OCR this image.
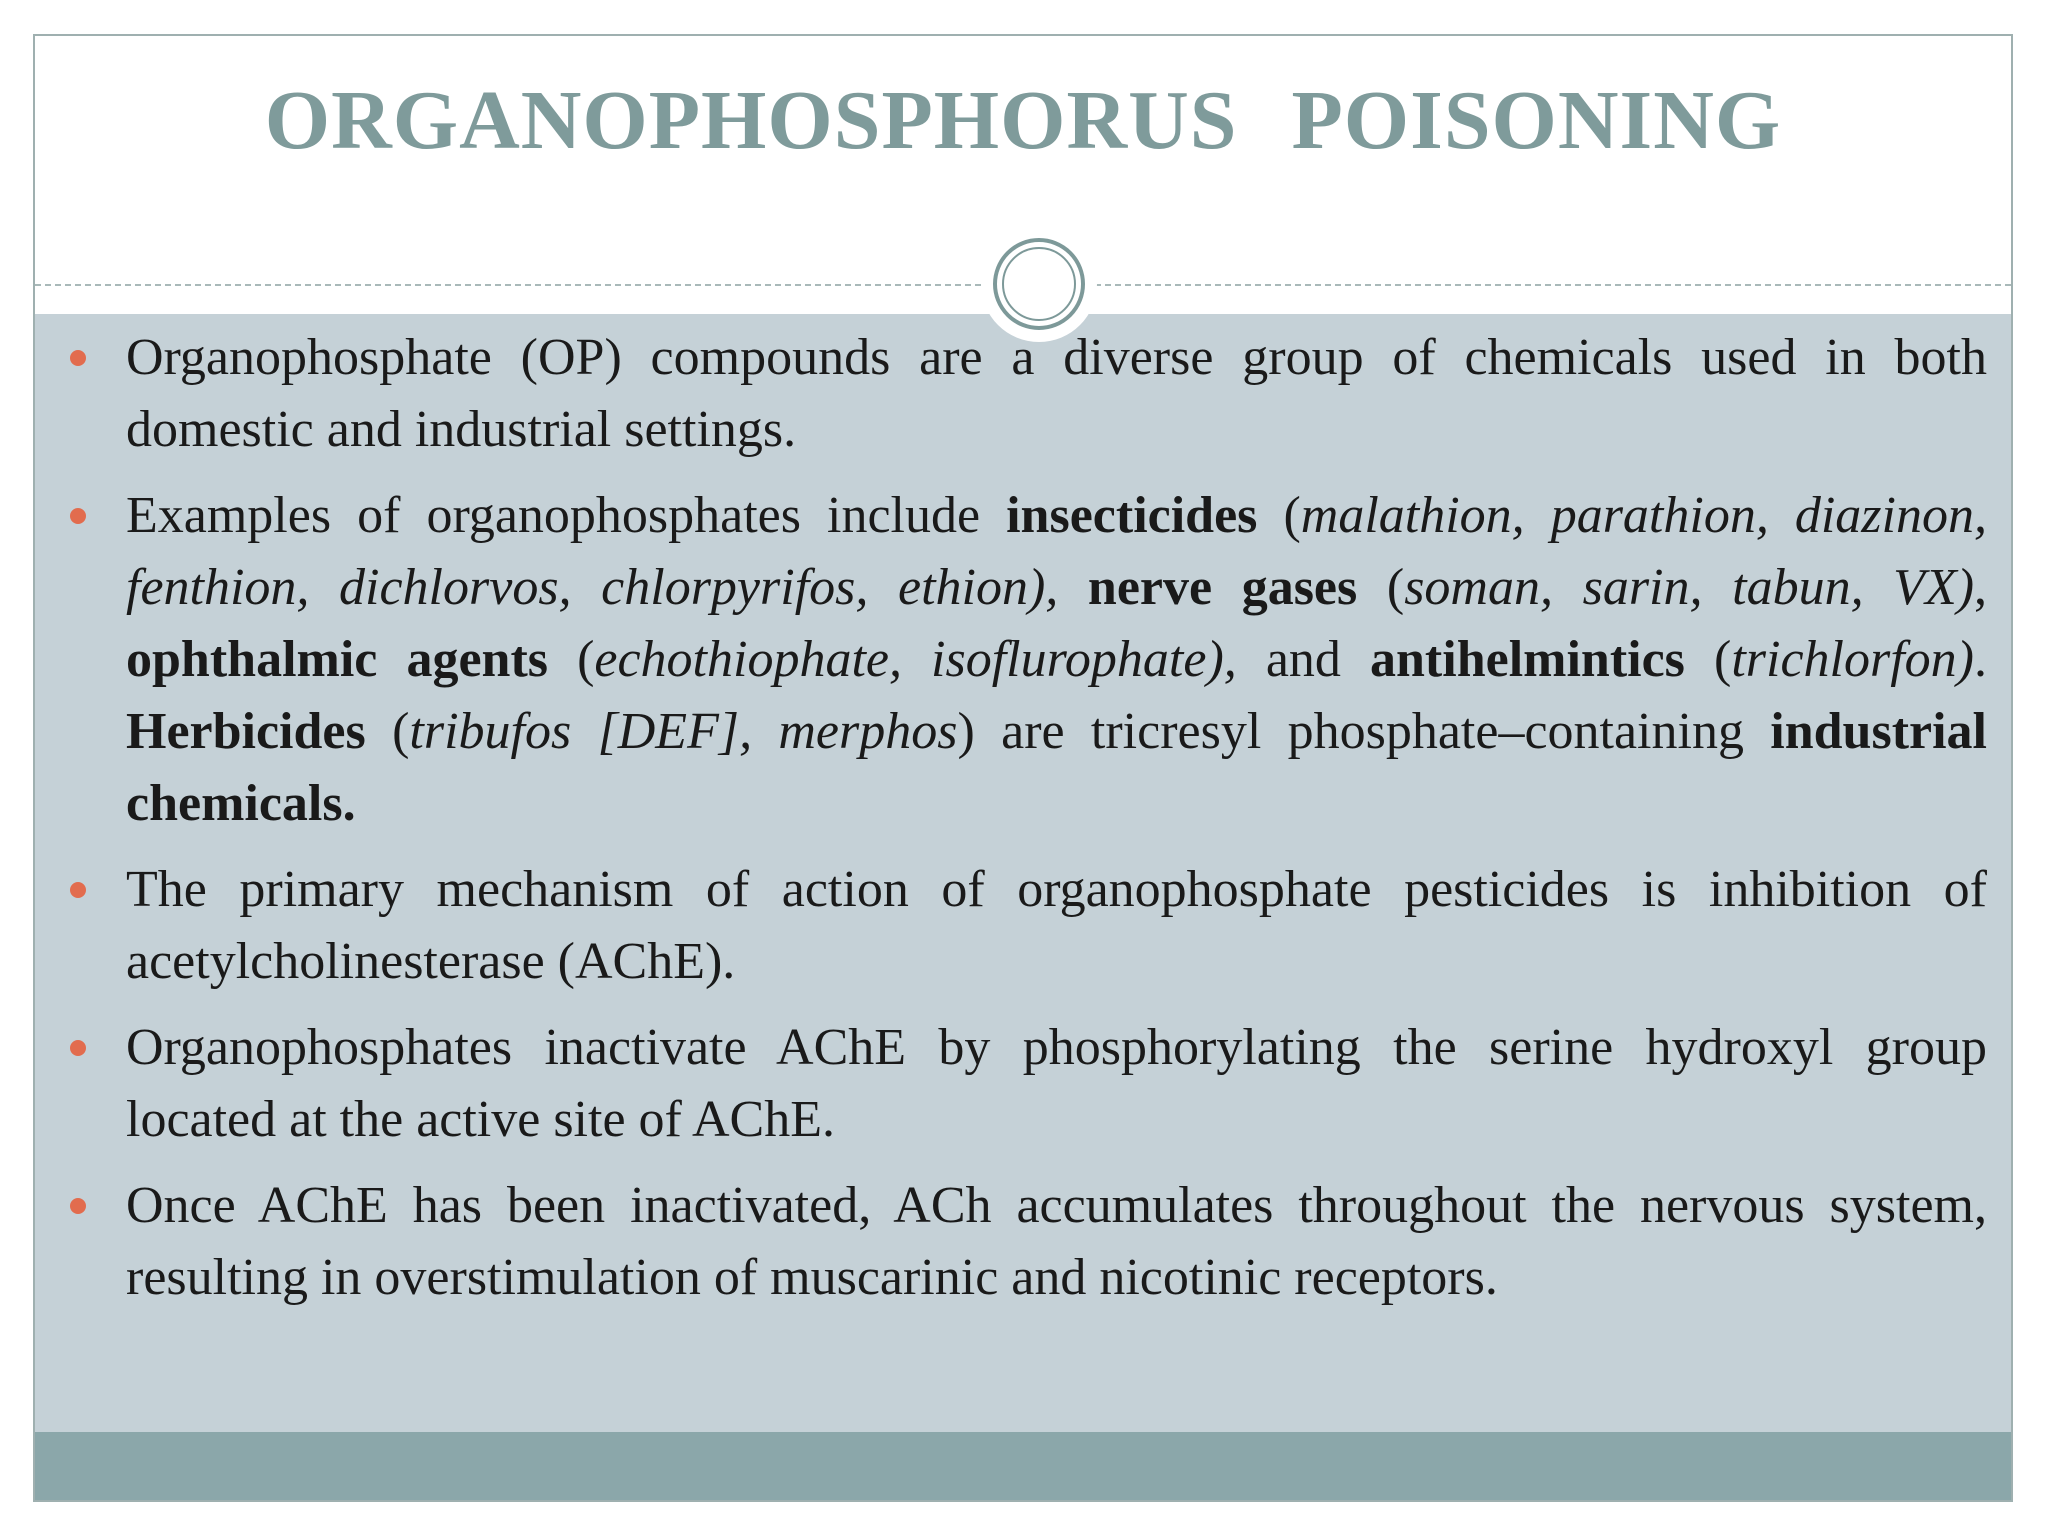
ORGANOPHOSPHORUS POISONING
Organophosphate (OP) compounds are a diverse group of chemicals used in both domestic and industrial settings.
Examples of organophosphates include insecticides (malathion, parathion, diazinon, fenthion, dichlorvos, chlorpyrifos, ethion), nerve gases (soman, sarin, tabun, VX), ophthalmic agents (echothiophate, isoflurophate), and antihelmintics (trichlorfon). Herbicides (tribufos [DEF], merphos) are tricresyl phosphate–containing industrial chemicals.
The primary mechanism of action of organophosphate pesticides is inhibition of acetylcholinesterase (AChE).
Organophosphates inactivate AChE by phosphorylating the serine hydroxyl group located at the active site of AChE.
Once AChE has been inactivated, ACh accumulates throughout the nervous system, resulting in overstimulation of muscarinic and nicotinic receptors.
